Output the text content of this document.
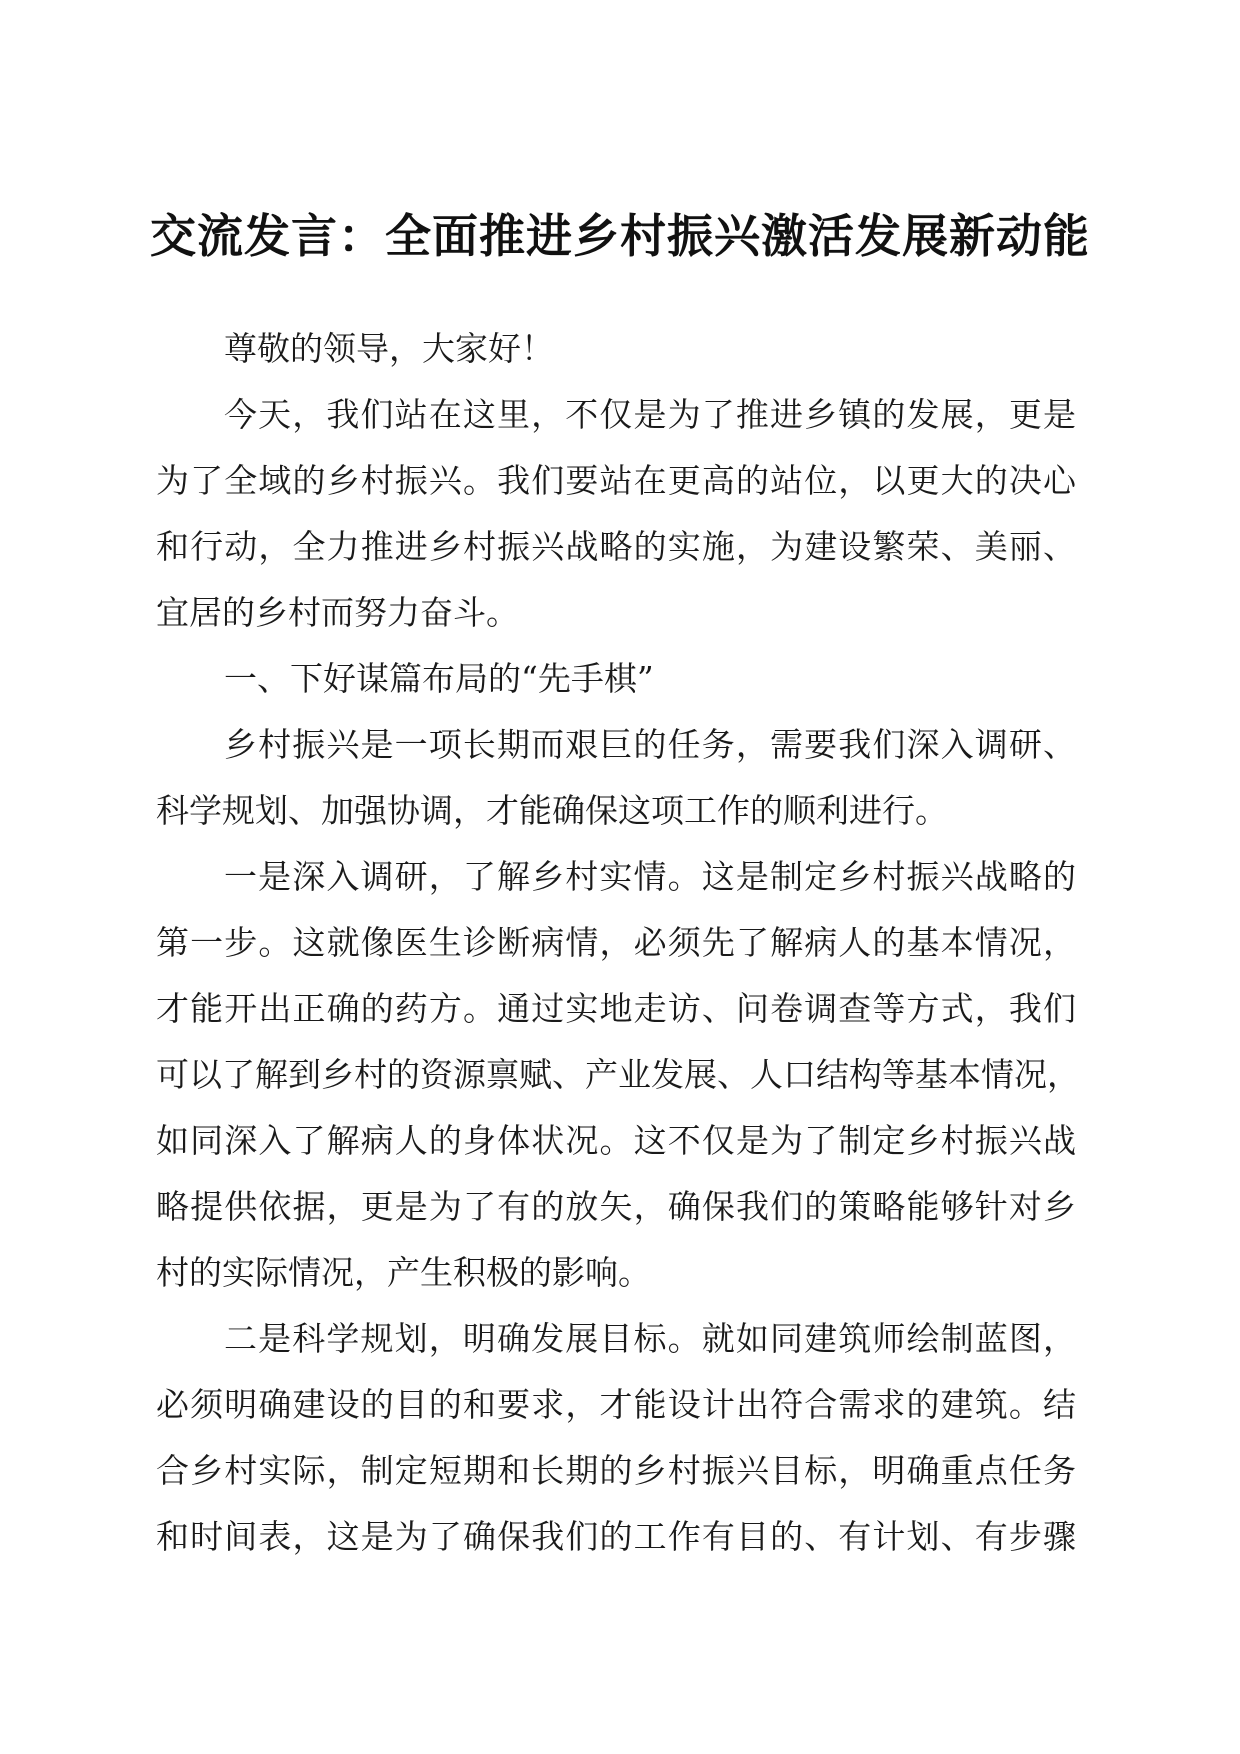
交流发言：全面推进乡村振兴激活发展新动能

尊敬的领导，大家好！

今天，我们站在这里，不仅是为了推进乡镇的发展，更是
为了全域的乡村振兴。我们要站在更高的站位，以更大的决心
和行动，全力推进乡村振兴战略的实施，为建设繁荣、美丽、
宜居的乡村而努力奋斗。

一、下好谋篇布局的“先手棋”

乡村振兴是一项长期而艰巨的任务，需要我们深入调研、
科学规划、加强协调，才能确保这项工作的顺利进行。

一是深入调研，了解乡村实情。这是制定乡村振兴战略的
第一步。这就像医生诊断病情，必须先了解病人的基本情况，
才能开出正确的药方。通过实地走访、问卷调查等方式，我们
可以了解到乡村的资源禀赋、产业发展、人口结构等基本情况，
如同深入了解病人的身体状况。这不仅是为了制定乡村振兴战
略提供依据，更是为了有的放矢，确保我们的策略能够针对乡
村的实际情况，产生积极的影响。

二是科学规划，明确发展目标。就如同建筑师绘制蓝图，
必须明确建设的目的和要求，才能设计出符合需求的建筑。结
合乡村实际，制定短期和长期的乡村振兴目标，明确重点任务
和时间表，这是为了确保我们的工作有目的、有计划、有步骤
